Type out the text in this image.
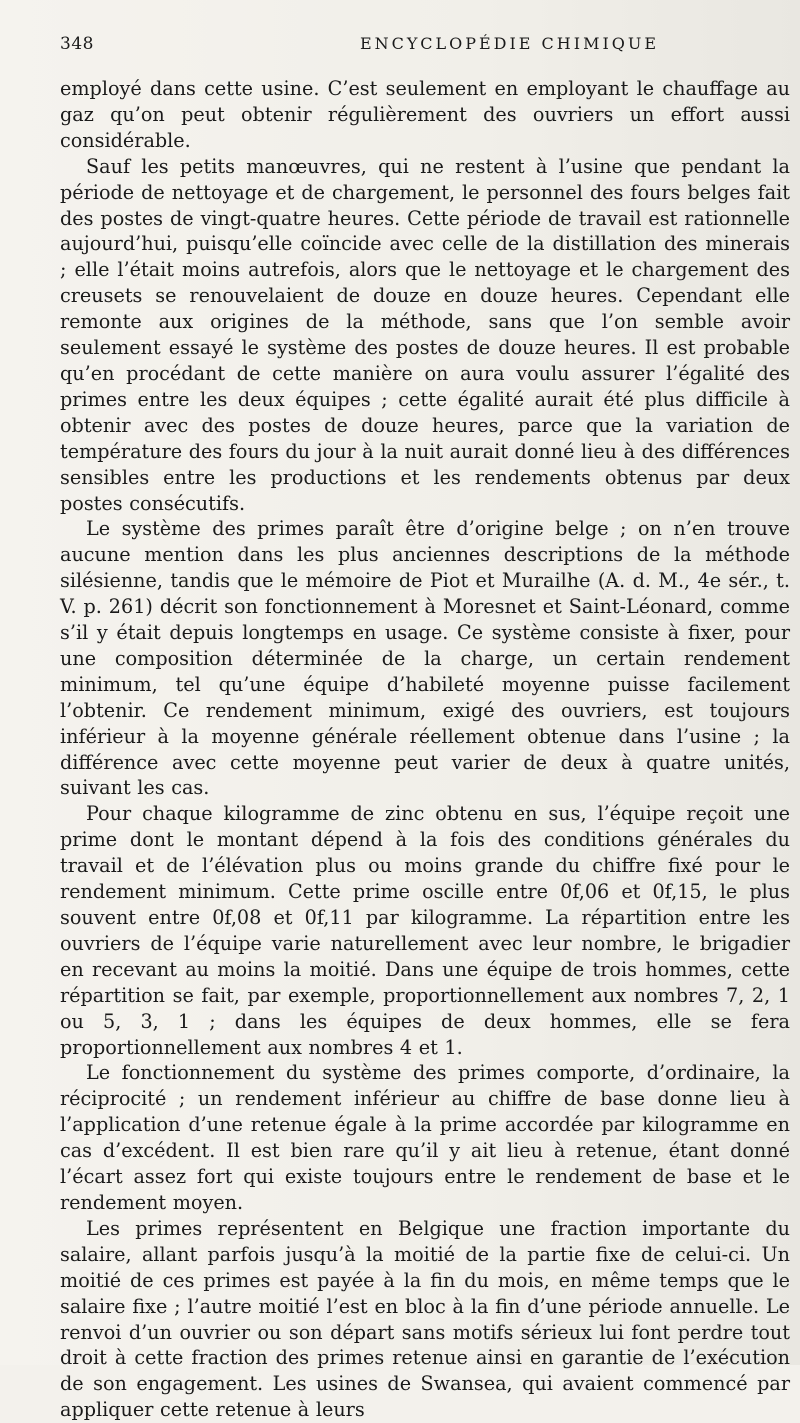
348	ENCYCLOPÉDIE CHIMIQUE

employé dans cette usine. C’est seulement en employant le chauffage au gaz qu’on peut obtenir régulièrement des ouvriers un effort aussi considérable.

Sauf les petits manœuvres, qui ne restent à l’usine que pendant la période de nettoyage et de chargement, le personnel des fours belges fait des postes de vingt-quatre heures. Cette période de travail est rationnelle aujourd’hui, puisqu’elle coïncide avec celle de la distillation des minerais ; elle l’était moins autrefois, alors que le nettoyage et le chargement des creusets se renouvelaient de douze en douze heures. Cependant elle remonte aux origines de la méthode, sans que l’on semble avoir seulement essayé le système des postes de douze heures. Il est probable qu’en procédant de cette manière on aura voulu assurer l’égalité des primes entre les deux équipes ; cette égalité aurait été plus difficile à obtenir avec des postes de douze heures, parce que la variation de température des fours du jour à la nuit aurait donné lieu à des différences sensibles entre les productions et les rendements obtenus par deux postes consécutifs.

Le système des primes paraît être d’origine belge ; on n’en trouve aucune mention dans les plus anciennes descriptions de la méthode silésienne, tandis que le mémoire de Piot et Murailhe (A. d. M., 4e sér., t. V. p. 261) décrit son fonctionnement à Moresnet et Saint-Léonard, comme s’il y était depuis longtemps en usage. Ce système consiste à fixer, pour une composition déterminée de la charge, un certain rendement minimum, tel qu’une équipe d’habileté moyenne puisse facilement l’obtenir. Ce rendement minimum, exigé des ouvriers, est toujours inférieur à la moyenne générale réellement obtenue dans l’usine ; la différence avec cette moyenne peut varier de deux à quatre unités, suivant les cas.

Pour chaque kilogramme de zinc obtenu en sus, l’équipe reçoit une prime dont le montant dépend à la fois des conditions générales du travail et de l’élévation plus ou moins grande du chiffre fixé pour le rendement minimum. Cette prime oscille entre 0f,06 et 0f,15, le plus souvent entre 0f,08 et 0f,11 par kilogramme. La répartition entre les ouvriers de l’équipe varie naturellement avec leur nombre, le brigadier en recevant au moins la moitié. Dans une équipe de trois hommes, cette répartition se fait, par exemple, proportionnellement aux nombres 7, 2, 1 ou 5, 3, 1 ; dans les équipes de deux hommes, elle se fera proportionnellement aux nombres 4 et 1.

Le fonctionnement du système des primes comporte, d’ordinaire, la réciprocité ; un rendement inférieur au chiffre de base donne lieu à l’application d’une retenue égale à la prime accordée par kilogramme en cas d’excédent. Il est bien rare qu’il y ait lieu à retenue, étant donné l’écart assez fort qui existe toujours entre le rendement de base et le rendement moyen.

Les primes représentent en Belgique une fraction importante du salaire, allant parfois jusqu’à la moitié de la partie fixe de celui-ci. Un moitié de ces primes est payée à la fin du mois, en même temps que le salaire fixe ; l’autre moitié l’est en bloc à la fin d’une période annuelle. Le renvoi d’un ouvrier ou son départ sans motifs sérieux lui font perdre tout droit à cette fraction des primes retenue ainsi en garantie de l’exécution de son engagement. Les usines de Swansea, qui avaient commencé par appliquer cette retenue à leurs
